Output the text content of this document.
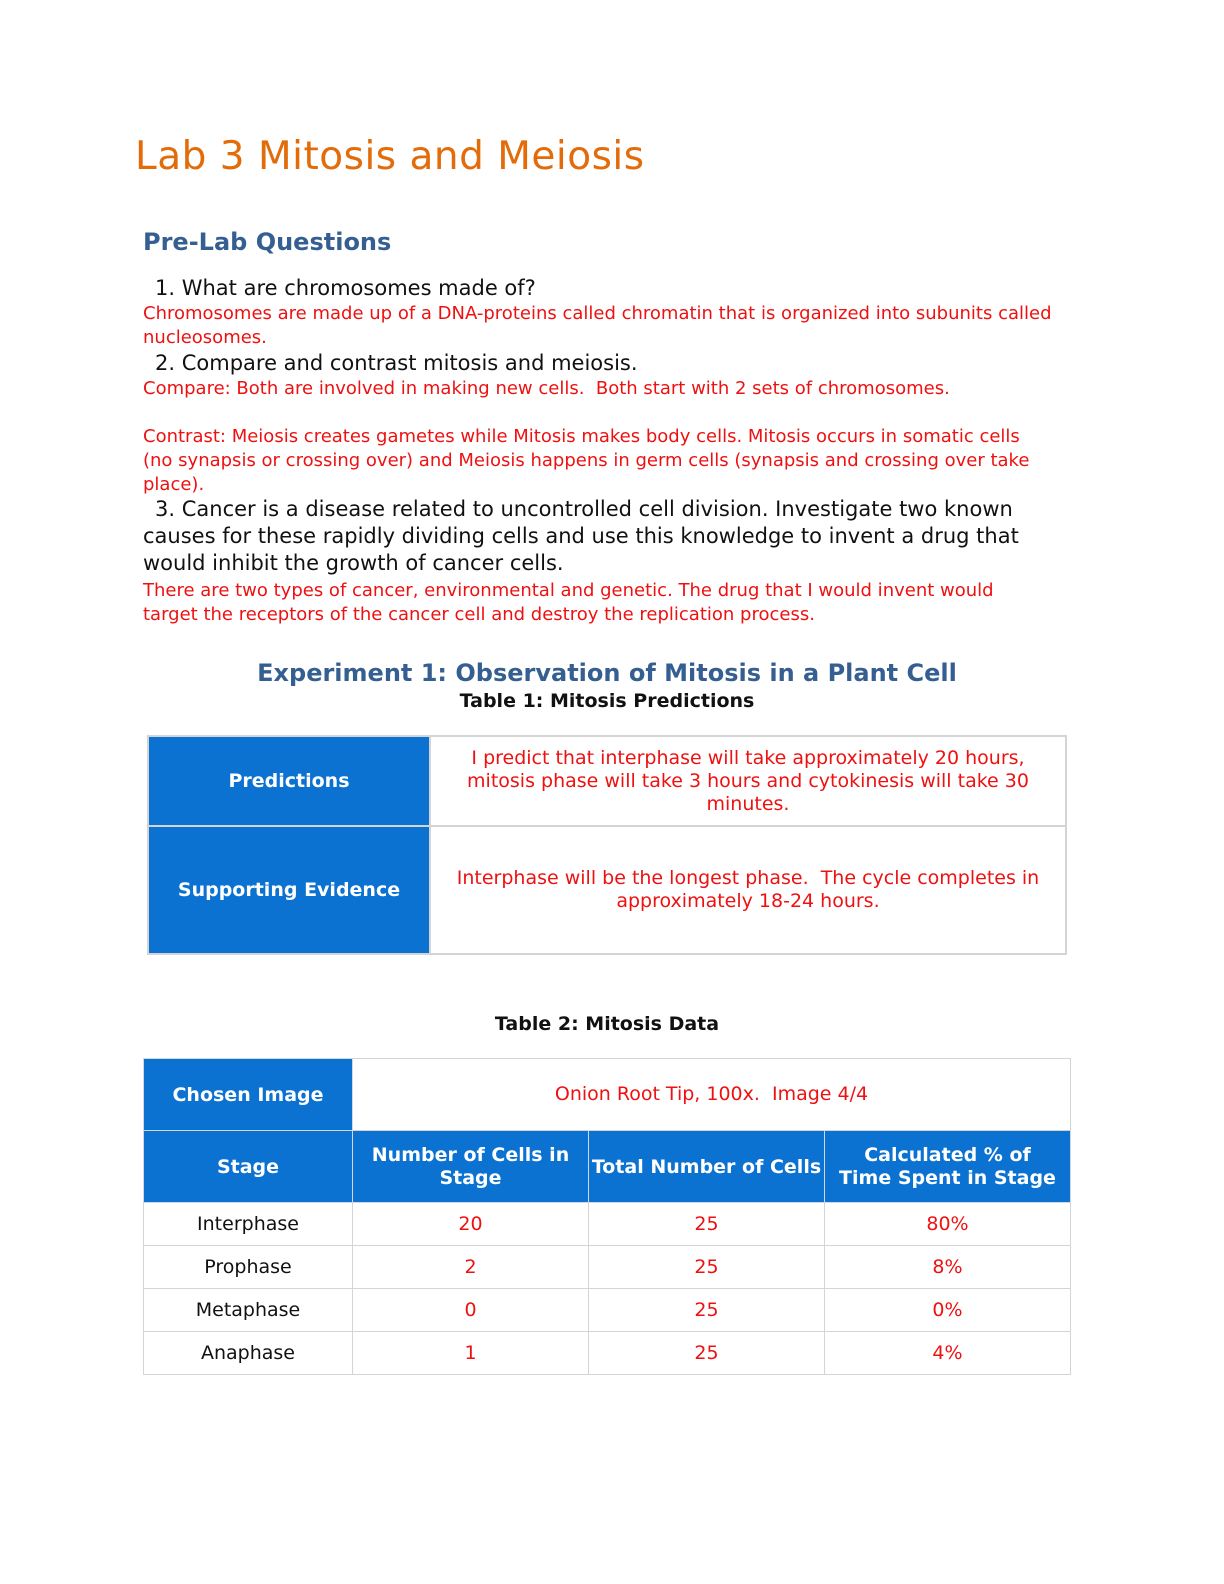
Lab 3 Mitosis and Meiosis
Pre-Lab Questions
1. What are chromosomes made of?
Chromosomes are made up of a DNA-proteins called chromatin that is organized into subunits called nucleosomes.
2. Compare and contrast mitosis and meiosis.
Compare: Both are involved in making new cells.  Both start with 2 sets of chromosomes.
Contrast: Meiosis creates gametes while Mitosis makes body cells. Mitosis occurs in somatic cells (no synapsis or crossing over) and Meiosis happens in germ cells (synapsis and crossing over take place).
3. Cancer is a disease related to uncontrolled cell division. Investigate two known causes for these rapidly dividing cells and use this knowledge to invent a drug that would inhibit the growth of cancer cells.
There are two types of cancer, environmental and genetic. The drug that I would invent would target the receptors of the cancer cell and destroy the replication process.
Experiment 1: Observation of Mitosis in a Plant Cell
Table 1: Mitosis Predictions
Predictions	I predict that interphase will take approximately 20 hours, mitosis phase will take 3 hours and cytokinesis will take 30 minutes.
Supporting Evidence	Interphase will be the longest phase.  The cycle completes in approximately 18-24 hours.
Table 2: Mitosis Data
Chosen Image	Onion Root Tip, 100x.  Image 4/4		
Stage	Number of Cells in Stage	Total Number of Cells	Calculated % of Time Spent in Stage
Interphase	20	25	80%
Prophase	2	25	8%
Metaphase	0	25	0%
Anaphase	1	25	4%
